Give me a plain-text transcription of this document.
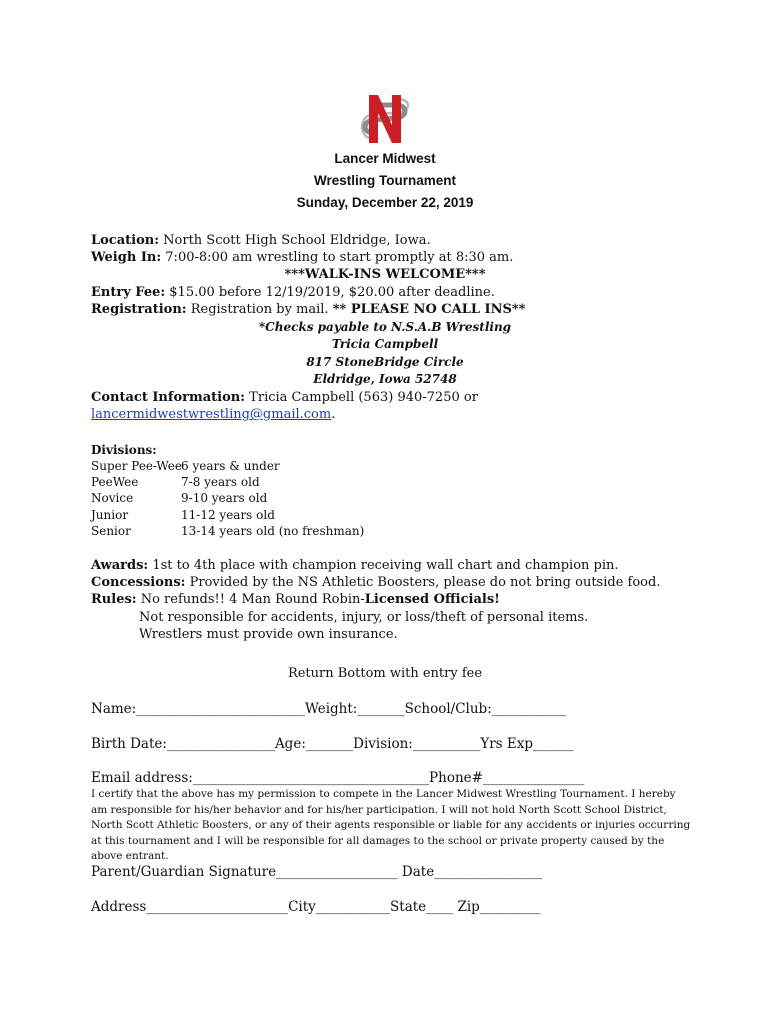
Lancer Midwest
Wrestling Tournament
Sunday, December 22, 2019
Location: North Scott High School Eldridge, Iowa.
Weigh In: 7:00-8:00 am wrestling to start promptly at 8:30 am.
***WALK-INS WELCOME***
Entry Fee: $15.00 before 12/19/2019, $20.00 after deadline.
Registration: Registration by mail. ** PLEASE NO CALL INS**
*Checks payable to N.S.A.B Wrestling
Tricia Campbell
817 StoneBridge Circle
Eldridge, Iowa 52748
Contact Information: Tricia Campbell (563) 940-7250 or
lancermidwestwrestling@gmail.com.
Divisions:
Super Pee-Wee 6 years & under
PeeWee	7-8 years old
Novice	9-10 years old
Junior	11-12 years old
Senior	13-14 years old (no freshman)
Awards: 1st to 4th place with champion receiving wall chart and champion pin.
Concessions: Provided by the NS Athletic Boosters, please do not bring outside food.
Rules: No refunds!! 4 Man Round Robin-Licensed Officials!
Not responsible for accidents, injury, or loss/theft of personal items.
Wrestlers must provide own insurance.
Return Bottom with entry fee
Name:_________________________Weight:_______School/Club:___________
Birth Date:________________Age:_______Division:__________Yrs Exp______
Email address:___________________________________Phone#_______________
I certify that the above has my permission to compete in the Lancer Midwest Wrestling Tournament. I hereby am responsible for his/her behavior and for his/her participation. I will not hold North Scott School District, North Scott Athletic Boosters, or any of their agents responsible or liable for any accidents or injuries occurring at this tournament and I will be responsible for all damages to the school or private property caused by the above entrant.
Parent/Guardian Signature__________________ Date________________
Address_____________________City___________State____ Zip_________
